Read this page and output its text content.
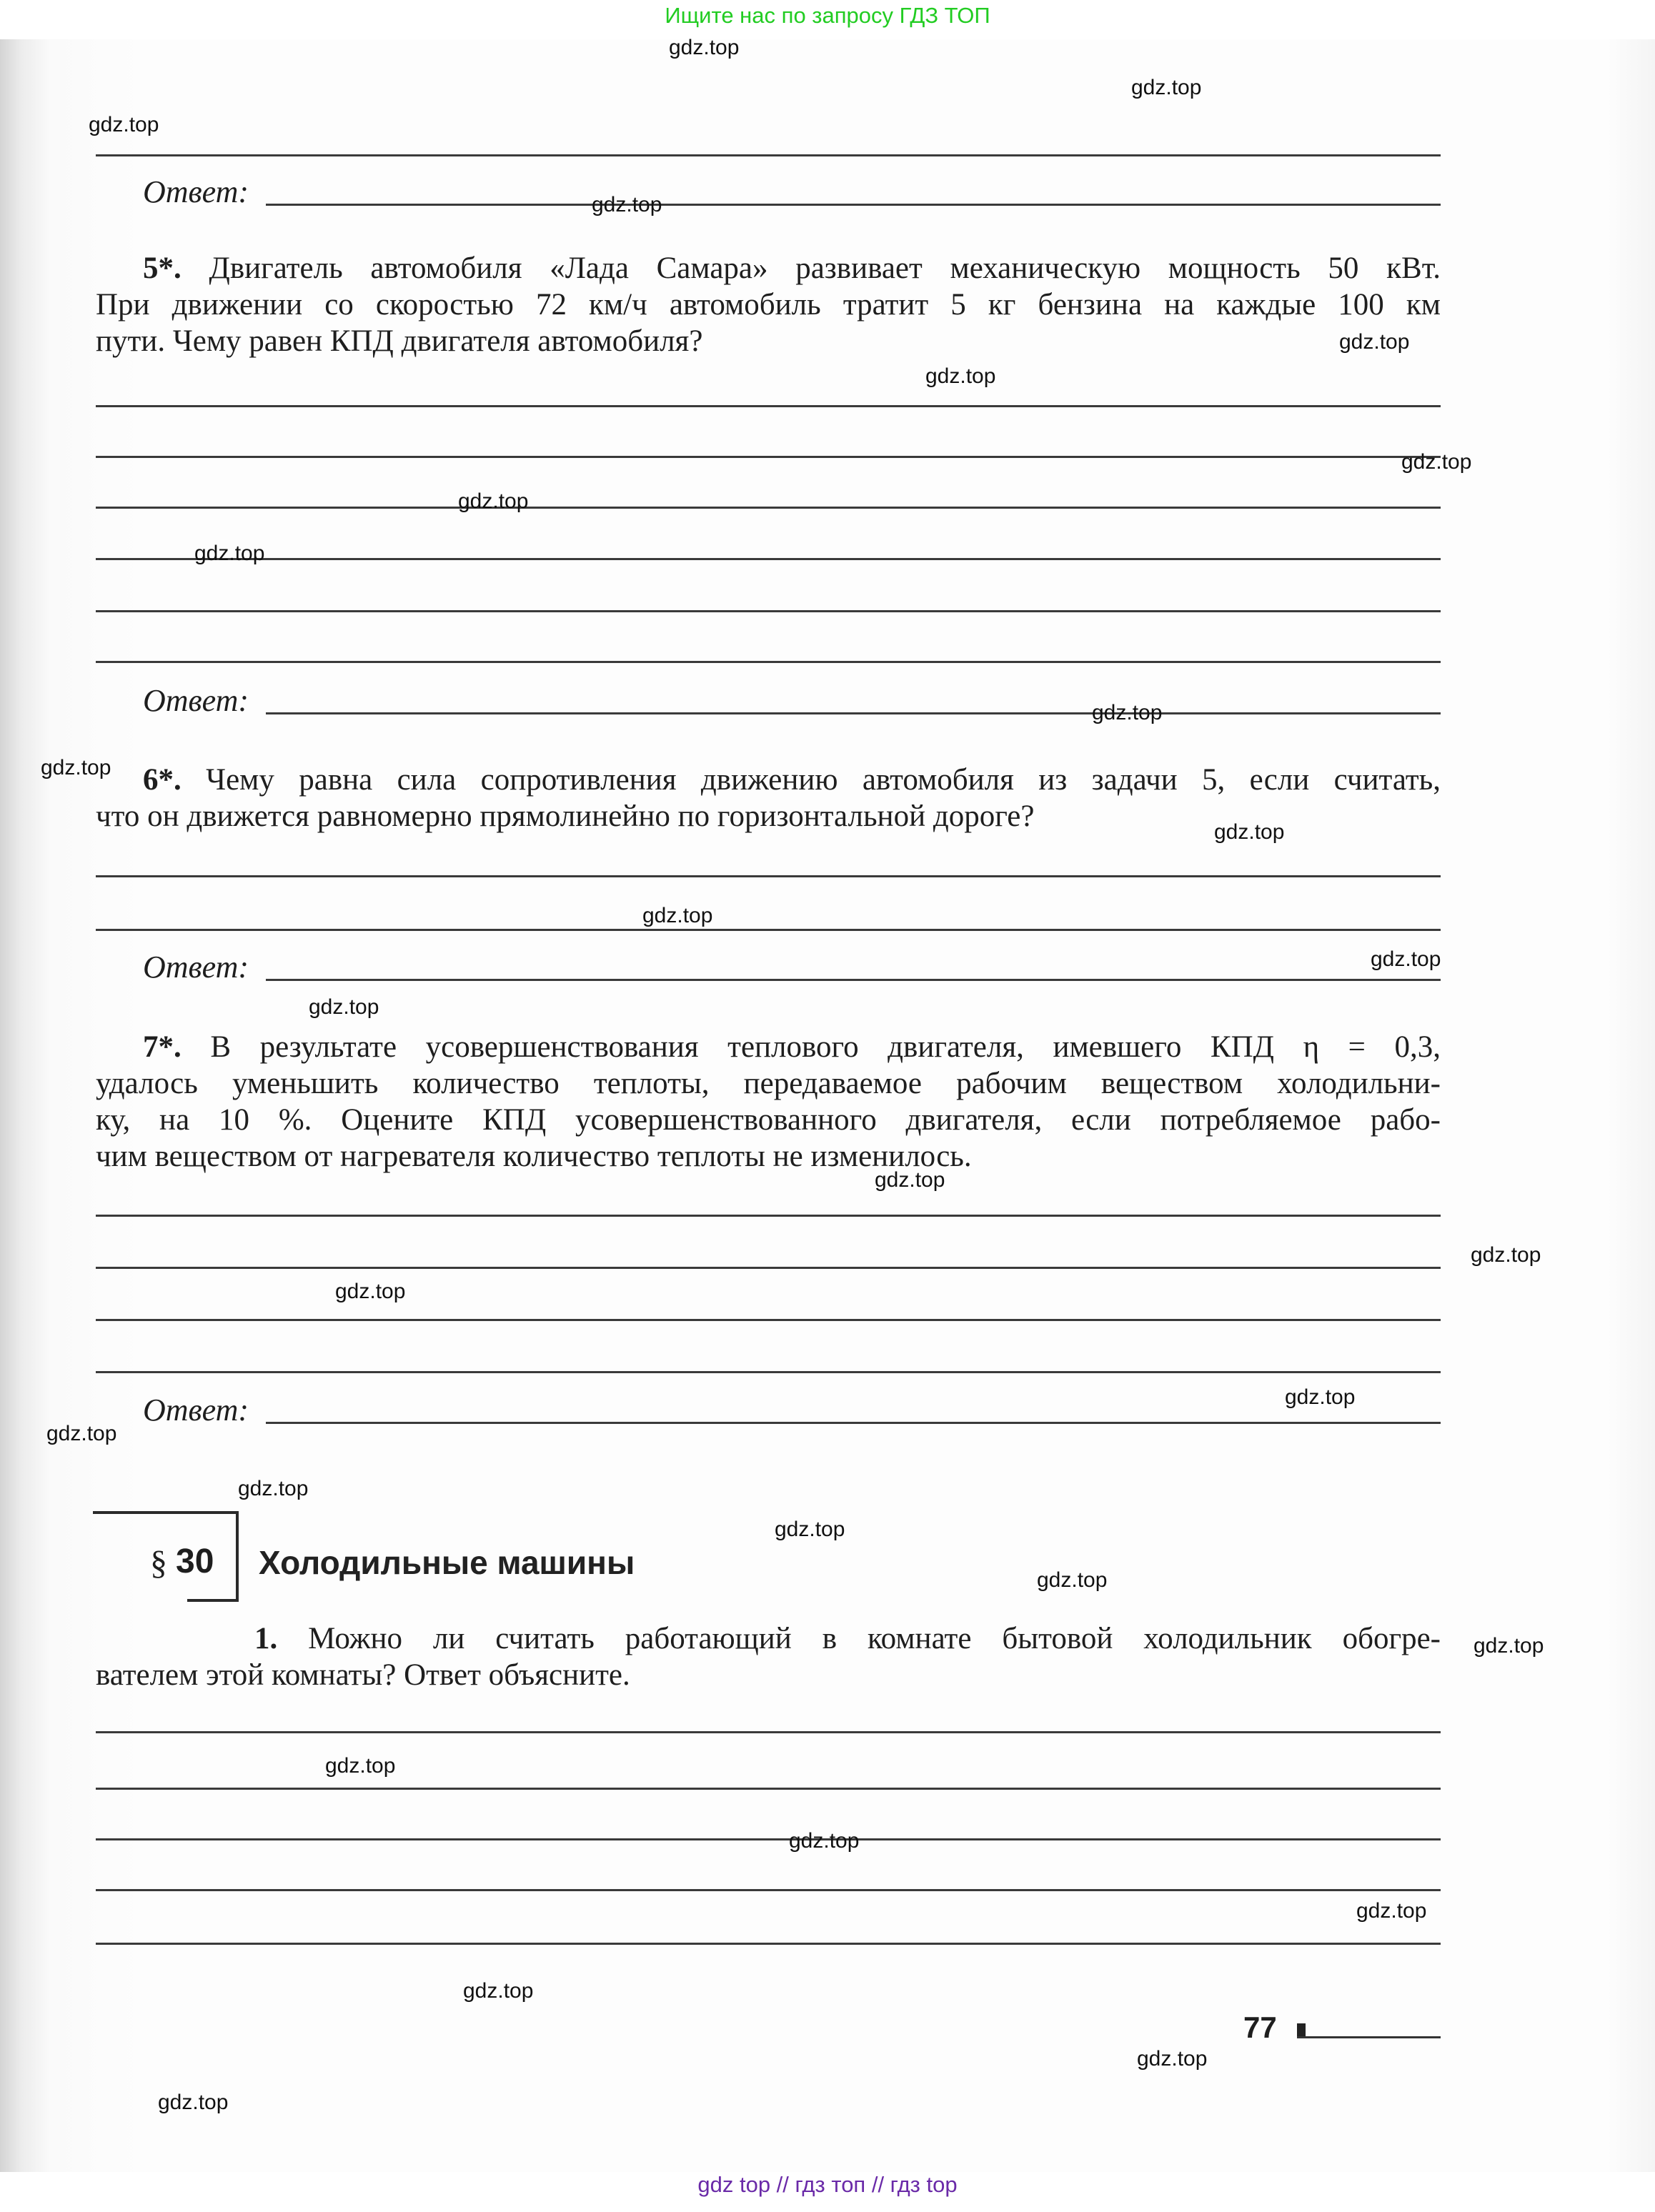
Ищите нас по запросу ГДЗ ТОП
Ответ:
5*. Двигатель автомобиля «Лада Самара» развивает механическую мощность 50 кВт.
При движении со скоростью 72 км/ч автомобиль тратит 5 кг бензина на каждые 100 км
пути. Чему равен КПД двигателя автомобиля?
Ответ:
6*. Чему равна сила сопротивления движению автомобиля из задачи 5, если считать,
что он движется равномерно прямолинейно по горизонтальной дороге?
Ответ:
7*. В результате усовершенствования теплового двигателя, имевшего КПД η = 0,3,
удалось уменьшить количество теплоты, передаваемое рабочим веществом холодильни-
ку, на 10 %. Оцените КПД усовершенствованного двигателя, если потребляемое рабо-
чим веществом от нагревателя количество теплоты не изменилось.
Ответ:
§ 30 Холодильные машины
1. Можно ли считать работающий в комнате бытовой холодильник обогре-
вателем этой комнаты? Ответ объясните.
77
gdz.top
gdz.top
gdz.top
gdz.top
gdz.top
gdz.top
gdz.top
gdz.top
gdz.top
gdz.top
gdz.top
gdz.top
gdz.top
gdz.top
gdz.top
gdz.top
gdz.top
gdz.top
gdz.top
gdz.top
gdz.top
gdz.top
gdz.top
gdz.top
gdz.top
gdz.top
gdz.top
gdz.top
gdz.top
gdz.top
gdz top // гдз топ // гдз top
